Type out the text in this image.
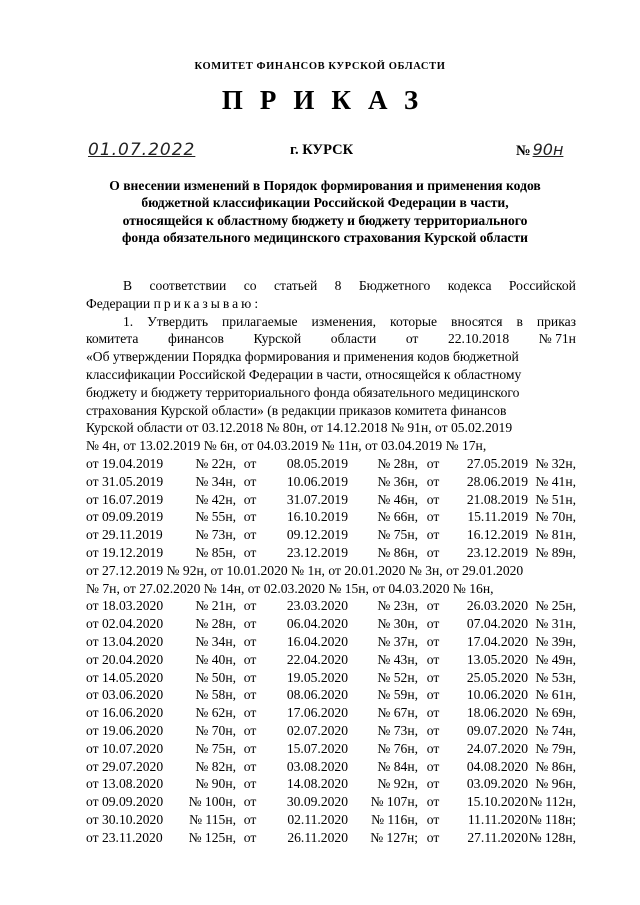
КОМИТЕТ ФИНАНСОВ КУРСКОЙ ОБЛАСТИ
ПРИКАЗ
01.07.2022	г. КУРСК	№ 90н
О внесении изменений в Порядок формирования и применения кодов
бюджетной классификации Российской Федерации в части,
относящейся к областному бюджету и бюджету территориального
фонда обязательного медицинского страхования Курской области
В соответствии со статьей 8 Бюджетного кодекса Российской
Федерации приказываю:
1. Утвердить прилагаемые изменения, которые вносятся в приказ
комитета финансов Курской области от 22.10.2018 № 71н
«Об утверждении Порядка формирования и применения кодов бюджетной
классификации Российской Федерации в части, относящейся к областному
бюджету и бюджету территориального фонда обязательного медицинского
страхования Курской области» (в редакции приказов комитета финансов
Курской области от 03.12.2018 № 80н, от 14.12.2018 № 91н, от 05.02.2019
№ 4н, от 13.02.2019 № 6н, от 04.03.2019 № 11н, от 03.04.2019 № 17н,
от 19.04.2019	№ 22н,	от	08.05.2019	№ 28н,	от	27.05.2019	№ 32н,
от 31.05.2019	№ 34н,	от	10.06.2019	№ 36н,	от	28.06.2019	№ 41н,
от 16.07.2019	№ 42н,	от	31.07.2019	№ 46н,	от	21.08.2019	№ 51н,
от 09.09.2019	№ 55н,	от	16.10.2019	№ 66н,	от	15.11.2019	№ 70н,
от 29.11.2019	№ 73н,	от	09.12.2019	№ 75н,	от	16.12.2019	№ 81н,
от 19.12.2019	№ 85н,	от	23.12.2019	№ 86н,	от	23.12.2019	№ 89н,
от 27.12.2019 № 92н, от 10.01.2020 № 1н, от 20.01.2020 № 3н, от 29.01.2020
№ 7н, от 27.02.2020 № 14н, от 02.03.2020 № 15н, от 04.03.2020 № 16н,
от 18.03.2020	№ 21н,	от	23.03.2020	№ 23н,	от	26.03.2020	№ 25н,
от 02.04.2020	№ 28н,	от	06.04.2020	№ 30н,	от	07.04.2020	№ 31н,
от 13.04.2020	№ 34н,	от	16.04.2020	№ 37н,	от	17.04.2020	№ 39н,
от 20.04.2020	№ 40н,	от	22.04.2020	№ 43н,	от	13.05.2020	№ 49н,
от 14.05.2020	№ 50н,	от	19.05.2020	№ 52н,	от	25.05.2020	№ 53н,
от 03.06.2020	№ 58н,	от	08.06.2020	№ 59н,	от	10.06.2020	№ 61н,
от 16.06.2020	№ 62н,	от	17.06.2020	№ 67н,	от	18.06.2020	№ 69н,
от 19.06.2020	№ 70н,	от	02.07.2020	№ 73н,	от	09.07.2020	№ 74н,
от 10.07.2020	№ 75н,	от	15.07.2020	№ 76н,	от	24.07.2020	№ 79н,
от 29.07.2020	№ 82н,	от	03.08.2020	№ 84н,	от	04.08.2020	№ 86н,
от 13.08.2020	№ 90н,	от	14.08.2020	№ 92н,	от	03.09.2020	№ 96н,
от 09.09.2020	№ 100н,	от	30.09.2020	№ 107н,	от	15.10.2020	№ 112н,
от 30.10.2020	№ 115н,	от	02.11.2020	№ 116н,	от	11.11.2020	№ 118н;
от 23.11.2020	№ 125н,	от	26.11.2020	№ 127н;	от	27.11.2020	№ 128н,
